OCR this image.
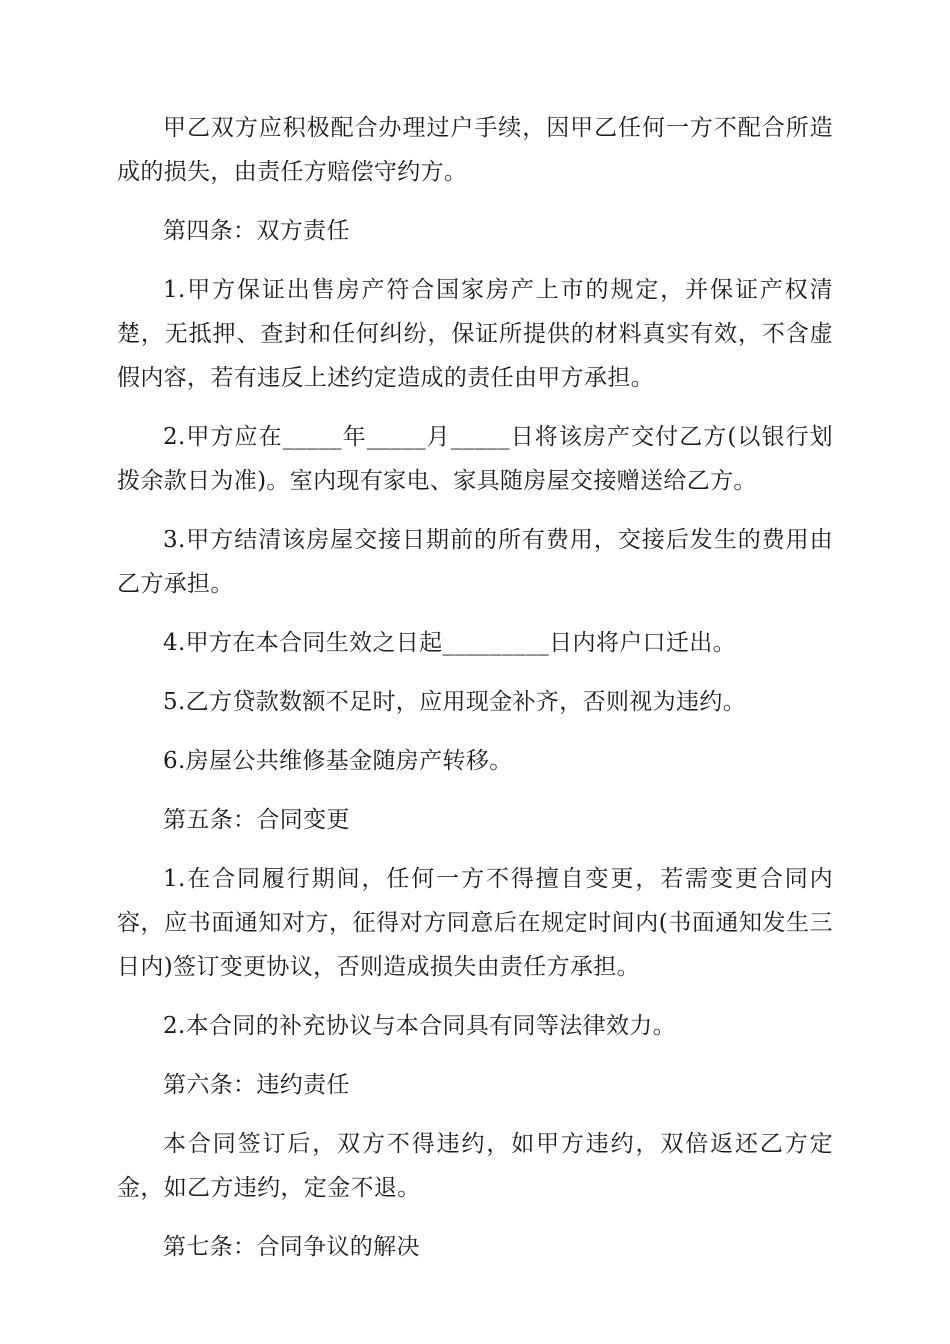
甲乙双方应积极配合办理过户手续，因甲乙任何一方不配合所造成的损失，由责任方赔偿守约方。

第四条：双方责任

1.甲方保证出售房产符合国家房产上市的规定，并保证产权清楚，无抵押、查封和任何纠纷，保证所提供的材料真实有效，不含虚假内容，若有违反上述约定造成的责任由甲方承担。

2.甲方应在_____年_____月_____日将该房产交付乙方(以银行划拨余款日为准)。室内现有家电、家具随房屋交接赠送给乙方。

3.甲方结清该房屋交接日期前的所有费用，交接后发生的费用由乙方承担。

4.甲方在本合同生效之日起_________日内将户口迁出。

5.乙方贷款数额不足时，应用现金补齐，否则视为违约。

6.房屋公共维修基金随房产转移。

第五条：合同变更

1.在合同履行期间，任何一方不得擅自变更，若需变更合同内容，应书面通知对方，征得对方同意后在规定时间内(书面通知发生三日内)签订变更协议，否则造成损失由责任方承担。

2.本合同的补充协议与本合同具有同等法律效力。

第六条：违约责任

本合同签订后，双方不得违约，如甲方违约，双倍返还乙方定金，如乙方违约，定金不退。

第七条：合同争议的解决
